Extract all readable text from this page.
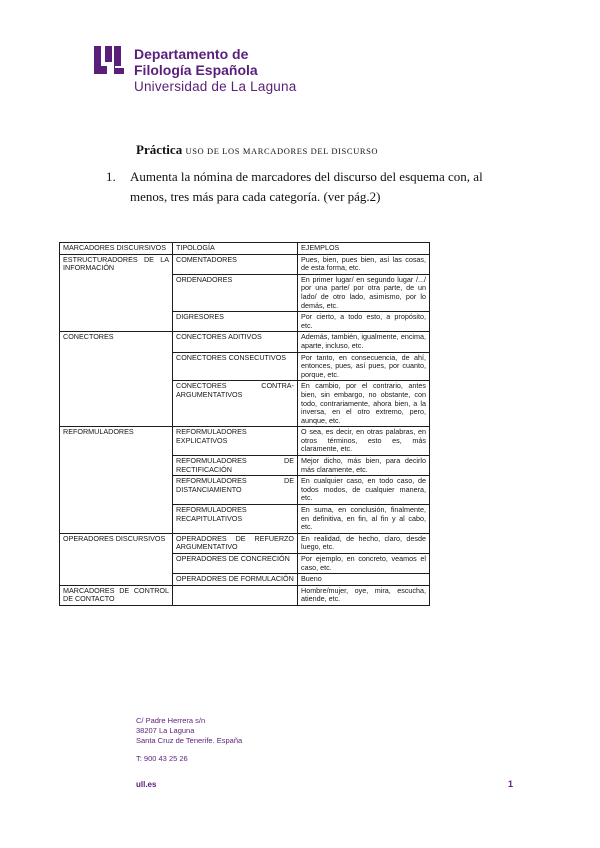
Departamento de
Filología Española
Universidad de La Laguna
Práctica USO DE LOS MARCADORES DEL DISCURSO
1. Aumenta la nómina de marcadores del discurso del esquema con, al menos, tres más para cada categoría. (ver pág.2)
MARCADORES DISCURSIVOS	TIPOLOGÍA	EJEMPLOS
ESTRUCTURADORES DE LA INFORMACIÓN	COMENTADORES	Pues, bien, pues bien, así las cosas, de esta forma, etc.
	ORDENADORES	En primer lugar/ en segundo lugar /.../ por una parte/ por otra parte, de un lado/ de otro lado, asimismo, por lo demás, etc.
	DIGRESORES	Por cierto, a todo esto, a propósito, etc.
CONECTORES	CONECTORES ADITIVOS	Además, también, igualmente, encima, aparte, incluso, etc.
	CONECTORES CONSECUTIVOS	Por tanto, en consecuencia, de ahí, entonces, pues, así pues, por cuanto, porque, etc.
	CONECTORES CONTRA-ARGUMENTATIVOS	En cambio, por el contrario, antes bien, sin embargo, no obstante, con todo, contrariamente, ahora bien, a la inversa, en el otro extremo, pero, aunque, etc.
REFORMULADORES	REFORMULADORES EXPLICATIVOS	O sea, es decir, en otras palabras, en otros términos, esto es, más claramente, etc.
	REFORMULADORES DE RECTIFICACIÓN	Mejor dicho, más bien, para decirlo más claramente, etc.
	REFORMULADORES DE DISTANCIAMIENTO	En cualquier caso, en todo caso, de todos modos, de cualquier manera, etc.
	REFORMULADORES RECAPITULATIVOS	En suma, en conclusión, finalmente, en definitiva, en fin, al fin y al cabo, etc.
OPERADORES DISCURSIVOS	OPERADORES DE REFUERZO ARGUMENTATIVO	En realidad, de hecho, claro, desde luego, etc.
	OPERADORES DE CONCRECIÓN	Por ejemplo, en concreto, veamos el caso, etc.
	OPERADORES DE FORMULACIÓN	Bueno
MARCADORES DE CONTROL DE CONTACTO		Hombre/mujer, oye, mira, escucha, atiende, etc.
C/ Padre Herrera s/n
38207 La Laguna
Santa Cruz de Tenerife. España
T: 900 43 25 26
ull.es	1
